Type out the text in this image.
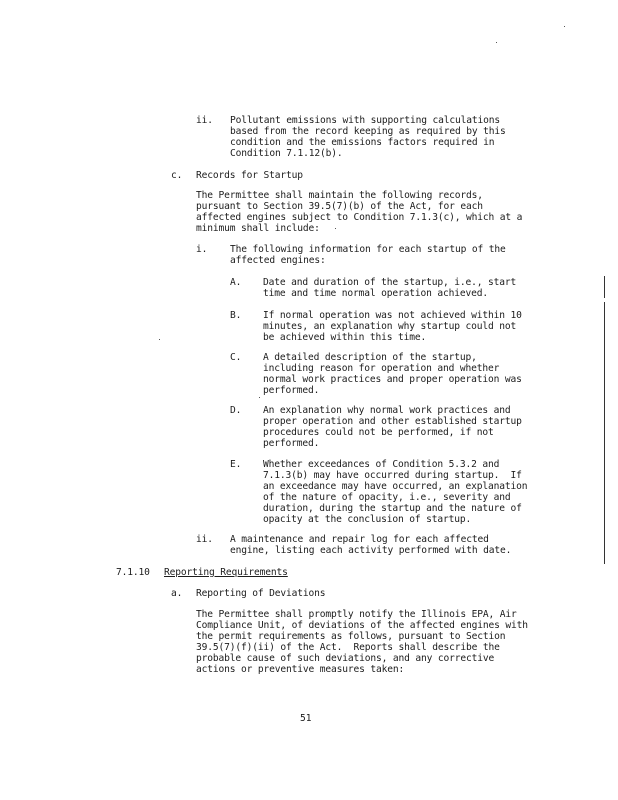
ii. Pollutant emissions with supporting calculations
based from the record keeping as required by this
condition and the emissions factors required in
Condition 7.1.12(b).
c. Records for Startup
The Permittee shall maintain the following records,
pursuant to Section 39.5(7)(b) of the Act, for each
affected engines subject to Condition 7.1.3(c), which at a
minimum shall include:
i. The following information for each startup of the
affected engines:
A. Date and duration of the startup, i.e., start
time and time normal operation achieved.
B. If normal operation was not achieved within 10
minutes, an explanation why startup could not
be achieved within this time.
C. A detailed description of the startup,
including reason for operation and whether
normal work practices and proper operation was
performed.
D. An explanation why normal work practices and
proper operation and other established startup
procedures could not be performed, if not
performed.
E. Whether exceedances of Condition 5.3.2 and
7.1.3(b) may have occurred during startup.  If
an exceedance may have occurred, an explanation
of the nature of opacity, i.e., severity and
duration, during the startup and the nature of
opacity at the conclusion of startup.
ii. A maintenance and repair log for each affected
engine, listing each activity performed with date.
7.1.10 Reporting Requirements
a. Reporting of Deviations
The Permittee shall promptly notify the Illinois EPA, Air
Compliance Unit, of deviations of the affected engines with
the permit requirements as follows, pursuant to Section
39.5(7)(f)(ii) of the Act.  Reports shall describe the
probable cause of such deviations, and any corrective
actions or preventive measures taken:
51
